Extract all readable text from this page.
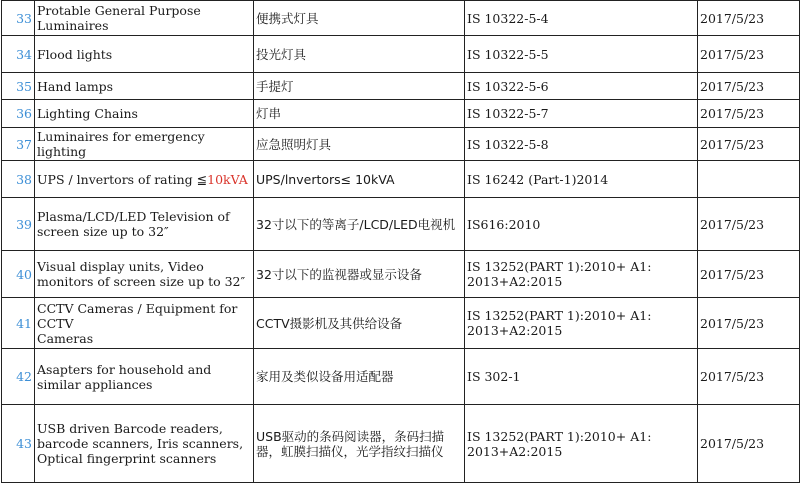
33	Protable General Purpose
Luminaires	便携式灯具	IS 10322-5-4	2017/5/23
34	Flood lights	投光灯具	IS 10322-5-5	2017/5/23
35	Hand lamps	手提灯	IS 10322-5-6	2017/5/23
36	Lighting Chains	灯串	IS 10322-5-7	2017/5/23
37	Luminaires for emergency lighting	应急照明灯具	IS 10322-5-8	2017/5/23
38	UPS / lnvertors of rating ≦10kVA	UPS/lnvertors≤ 10kVA	IS 16242 (Part-1)2014	
39	Plasma/LCD/LED Television of
screen size up to 32″	32寸以下的等离子/LCD/LED电视机	IS616:2010	2017/5/23
40	Visual display units, Video
monitors of screen size up to 32″	32寸以下的监视器或显示设备	IS 13252(PART 1):2010+ A1:
2013+A2:2015	2017/5/23
41	CCTV Cameras / Equipment for CCTV
Cameras	CCTV摄影机及其供给设备	IS 13252(PART 1):2010+ A1:
2013+A2:2015	2017/5/23
42	Asapters for household and
similar appliances	家用及类似设备用适配器	IS 302-1	2017/5/23
43	USB driven Barcode readers,
barcode scanners, Iris scanners,
Optical fingerprint scanners	USB驱动的条码阅读器，条码扫描
器，虹膜扫描仪，光学指纹扫描仪	IS 13252(PART 1):2010+ A1:
2013+A2:2015	2017/5/23
